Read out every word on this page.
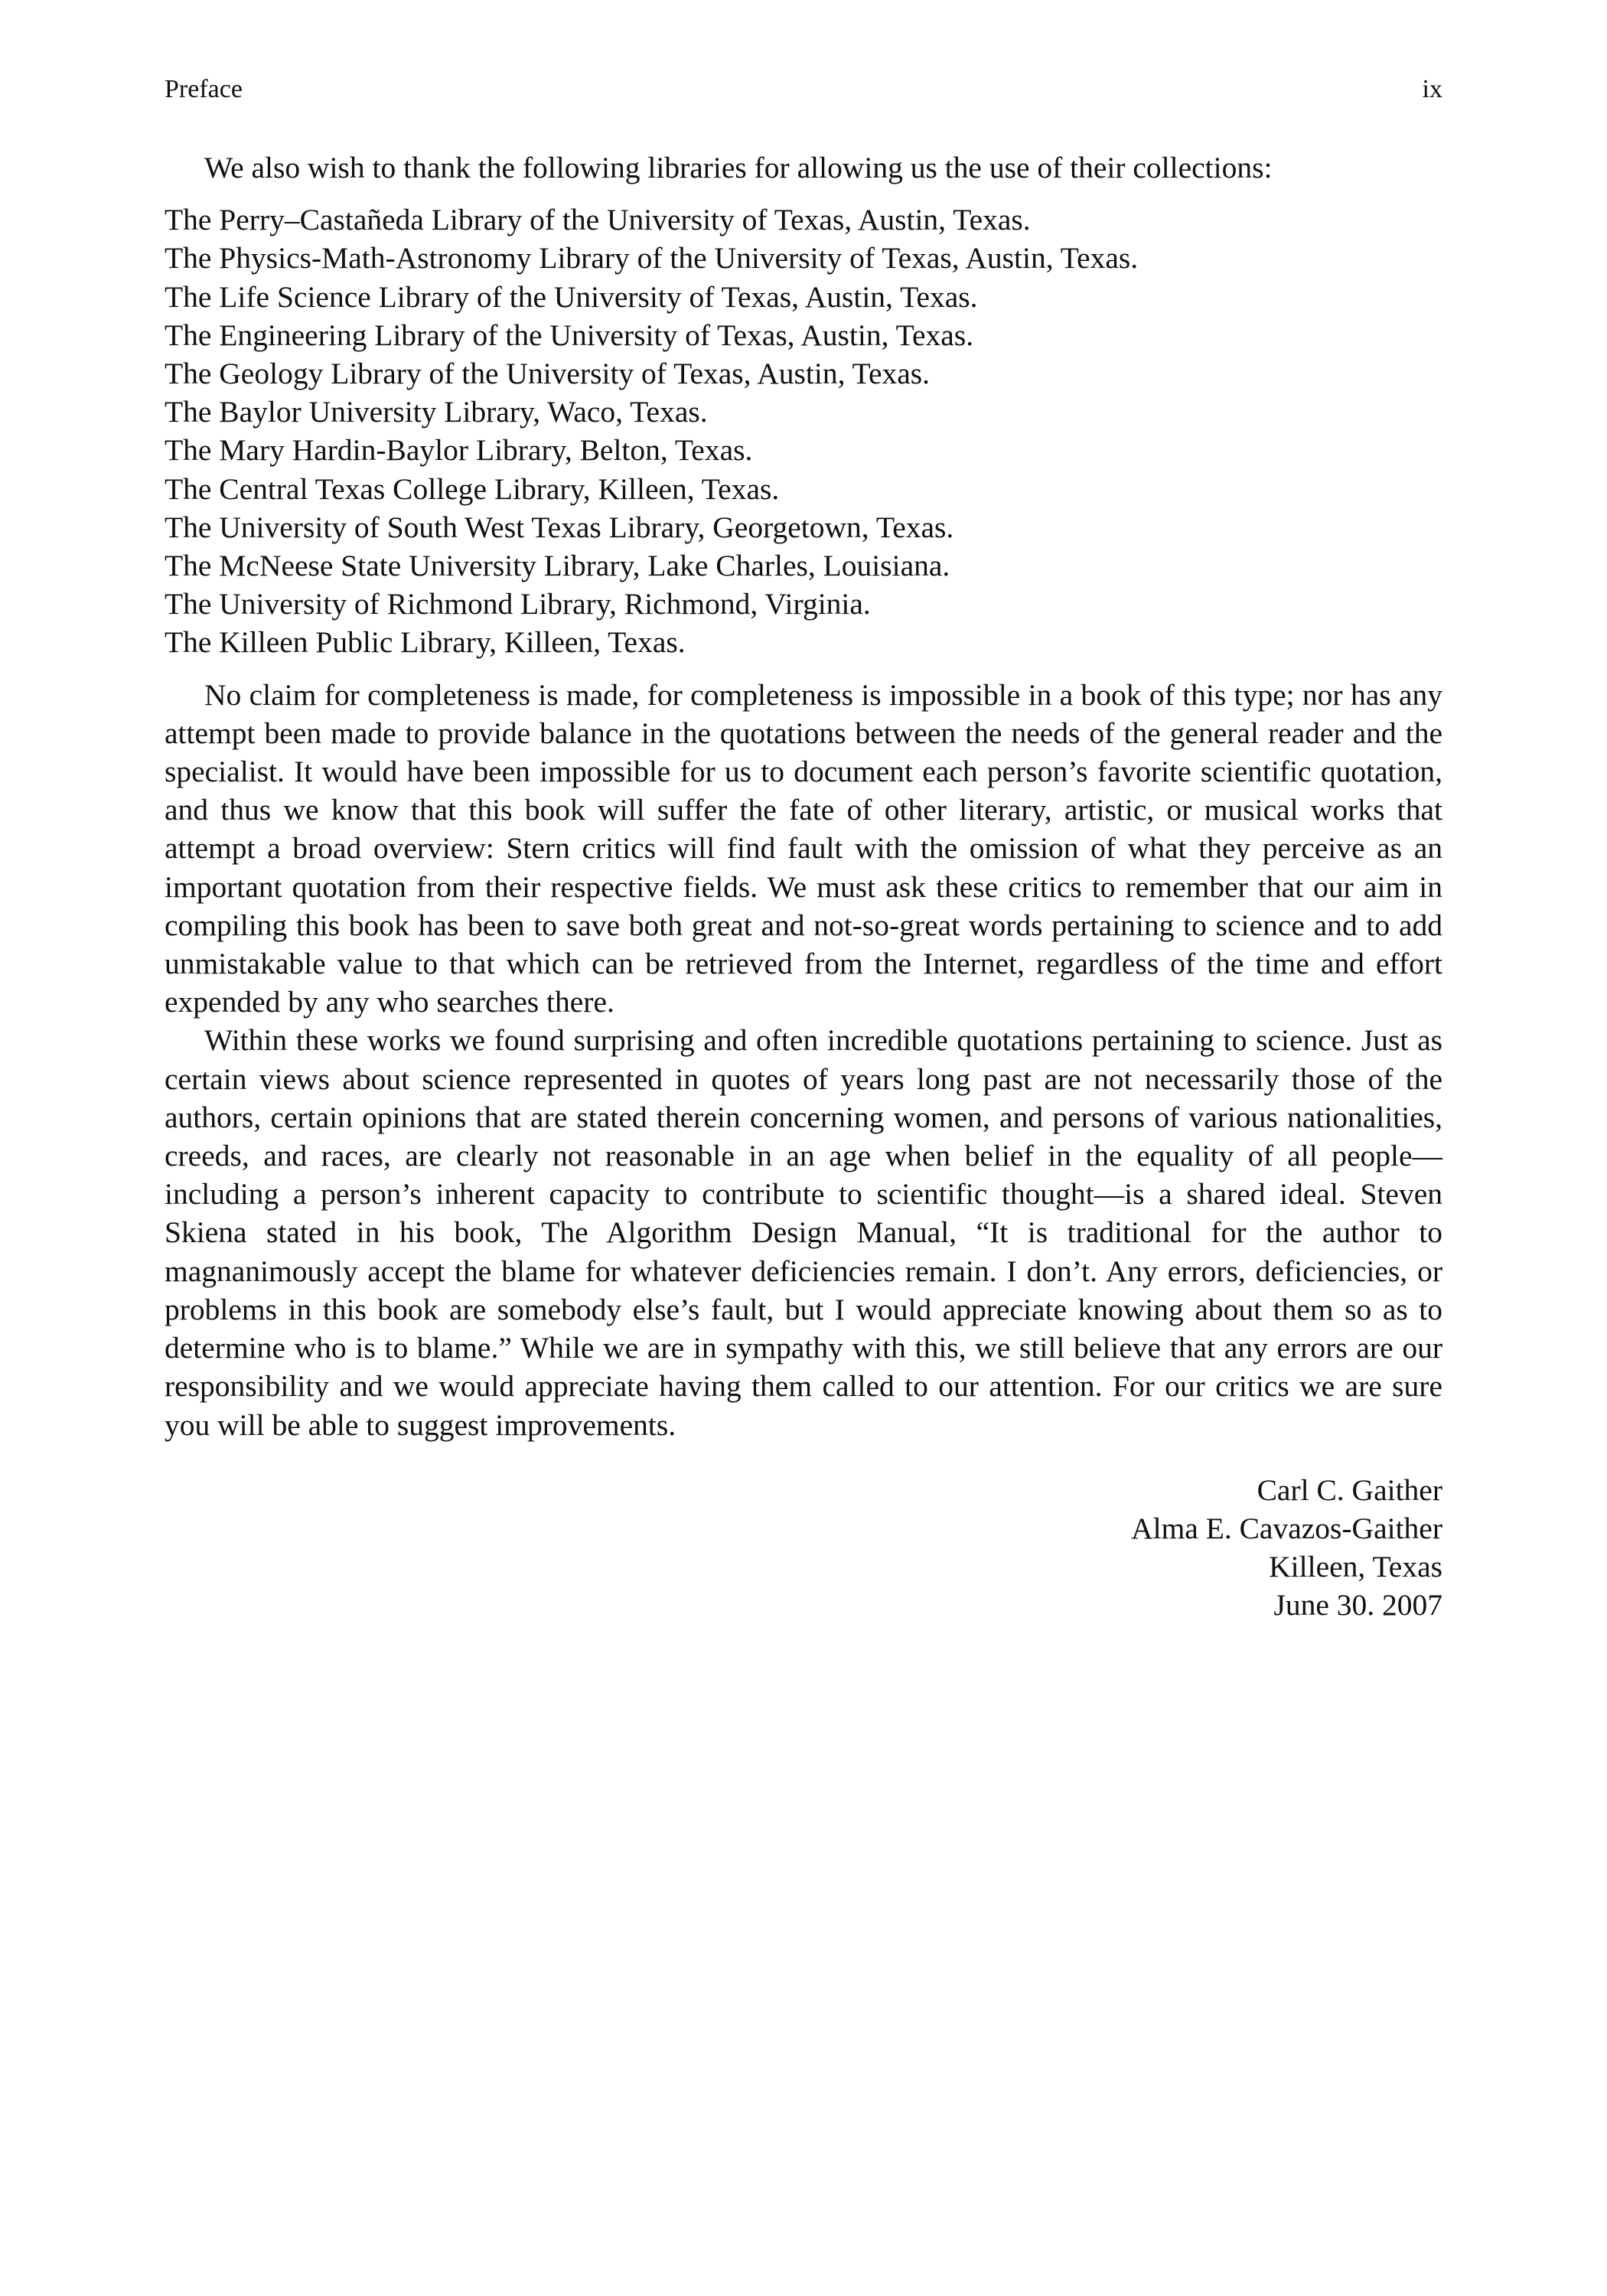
Preface	ix

We also wish to thank the following libraries for allowing us the use of their collections:

The Perry–Castañeda Library of the University of Texas, Austin, Texas.
The Physics-Math-Astronomy Library of the University of Texas, Austin, Texas.
The Life Science Library of the University of Texas, Austin, Texas.
The Engineering Library of the University of Texas, Austin, Texas.
The Geology Library of the University of Texas, Austin, Texas.
The Baylor University Library, Waco, Texas.
The Mary Hardin-Baylor Library, Belton, Texas.
The Central Texas College Library, Killeen, Texas.
The University of South West Texas Library, Georgetown, Texas.
The McNeese State University Library, Lake Charles, Louisiana.
The University of Richmond Library, Richmond, Virginia.
The Killeen Public Library, Killeen, Texas.

No claim for completeness is made, for completeness is impossible in a book of this type; nor has any attempt been made to provide balance in the quotations between the needs of the general reader and the specialist. It would have been impossible for us to document each person’s favorite scientific quotation, and thus we know that this book will suffer the fate of other literary, artistic, or musical works that attempt a broad overview: Stern critics will find fault with the omission of what they perceive as an important quotation from their respective fields. We must ask these critics to remember that our aim in compiling this book has been to save both great and not-so-great words pertaining to science and to add unmistakable value to that which can be retrieved from the Internet, regardless of the time and effort expended by any who searches there.

Within these works we found surprising and often incredible quotations pertaining to science. Just as certain views about science represented in quotes of years long past are not necessarily those of the authors, certain opinions that are stated therein concerning women, and persons of various nationalities, creeds, and races, are clearly not reasonable in an age when belief in the equality of all people—including a person’s inherent capacity to contribute to scientific thought—is a shared ideal. Steven Skiena stated in his book, The Algorithm Design Manual, “It is traditional for the author to magnanimously accept the blame for whatever deficiencies remain. I don’t. Any errors, deficiencies, or problems in this book are somebody else’s fault, but I would appreciate knowing about them so as to determine who is to blame.” While we are in sympathy with this, we still believe that any errors are our responsibility and we would appreciate having them called to our attention. For our critics we are sure you will be able to suggest improvements.

Carl C. Gaither
Alma E. Cavazos-Gaither
Killeen, Texas
June 30. 2007
